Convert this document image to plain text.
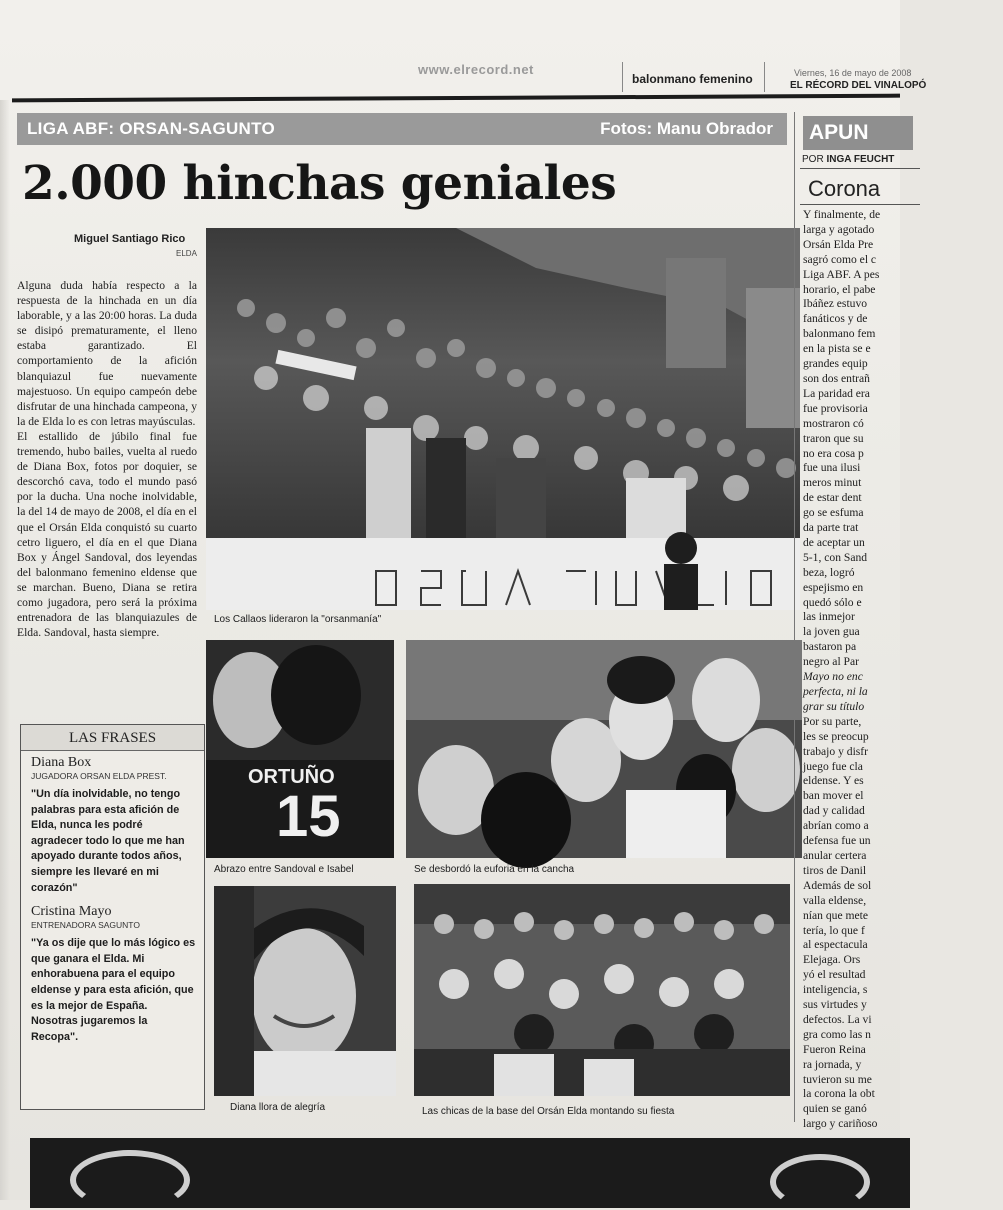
www.elrecord.net
balonmano femenino	Viernes, 16 de mayo de 2008
EL RÉCORD DEL VINALOPÓ
LIGA ABF: ORSAN-SAGUNTO	Fotos: Manu Obrador
2.000 hinchas geniales
Miguel Santiago Rico
ELDA

Alguna duda había respecto a la respuesta de la hinchada en un día laborable, y a las 20:00 horas. La duda se disipó prematuramente, el lleno estaba garantizado. El comportamiento de la afición blanquiazul fue nuevamente majestuoso. Un equipo campeón debe disfrutar de una hinchada campeona, y la de Elda lo es con letras mayúsculas.

El estallido de júbilo final fue tremendo, hubo bailes, vuelta al ruedo de Diana Box, fotos por doquier, se descorchó cava, todo el mundo pasó por la ducha. Una noche inolvidable, la del 14 de mayo de 2008, el día en el que el Orsán Elda conquistó su cuarto cetro liguero, el día en el que Diana Box y Ángel Sandoval, dos leyendas del balonmano femenino eldense que se marchan. Bueno, Diana se retira como jugadora, pero será la próxima entrenadora de las blanquiazules de Elda. Sandoval, hasta siempre.

Los Callaos lideraron la "orsanmanía"
ORTUÑO
15
Abrazo entre Sandoval e Isabel	Se desbordó la euforia en la cancha
Diana llora de alegría	Las chicas de la base del Orsán Elda montando su fiesta
LAS FRASES
Diana Box
JUGADORA ORSAN ELDA PREST.
"Un día inolvidable, no tengo palabras para esta afición de Elda, nunca les podré agradecer todo lo que me han apoyado durante todos años, siempre les llevaré en mi corazón"
Cristina Mayo
ENTRENADORA SAGUNTO
"Ya os dije que lo más lógico es que ganara el Elda. Mi enhorabuena para el equipo eldense y para esta afición, que es la mejor de España. Nosotras jugaremos la Recopa".
APUN
POR INGA FEUCHT
Corona
Y finalmente, de
larga y agotado
Orsán Elda Pre
sagró como el c
Liga ABF. A pes
horario, el pabe
Ibáñez estuvo
fanáticos y de
balonmano fem
en la pista se e
grandes equip
son dos entrañ
La paridad era
fue provisoria
mostraron có
traron que su
no era cosa p
fue una ilusi
meros minut
de estar dent
go se esfuma
da parte trat
de aceptar un
5-1, con Sand
beza, logró
espejismo en
quedó sólo e
las inmejor
la joven gua
bastaron pa
negro al Par
Mayo no enc
perfecta, ni la
grar su título
Por su parte,
les se preocup
trabajo y disfr
juego fue cla
eldense. Y es
ban mover el
dad y calidad
abrían como a
defensa fue un
anular certera
tiros de Danil
Además de sol
valla eldense,
nían que mete
tería, lo que f
al espectacula
Elejaga. Ors
yó el resultad
inteligencia, s
sus virtudes y
defectos. La vi
gra como las n
Fueron Reina
ra jornada, y
tuvieron su me
la corona la obt
quien se ganó
largo y cariñoso
